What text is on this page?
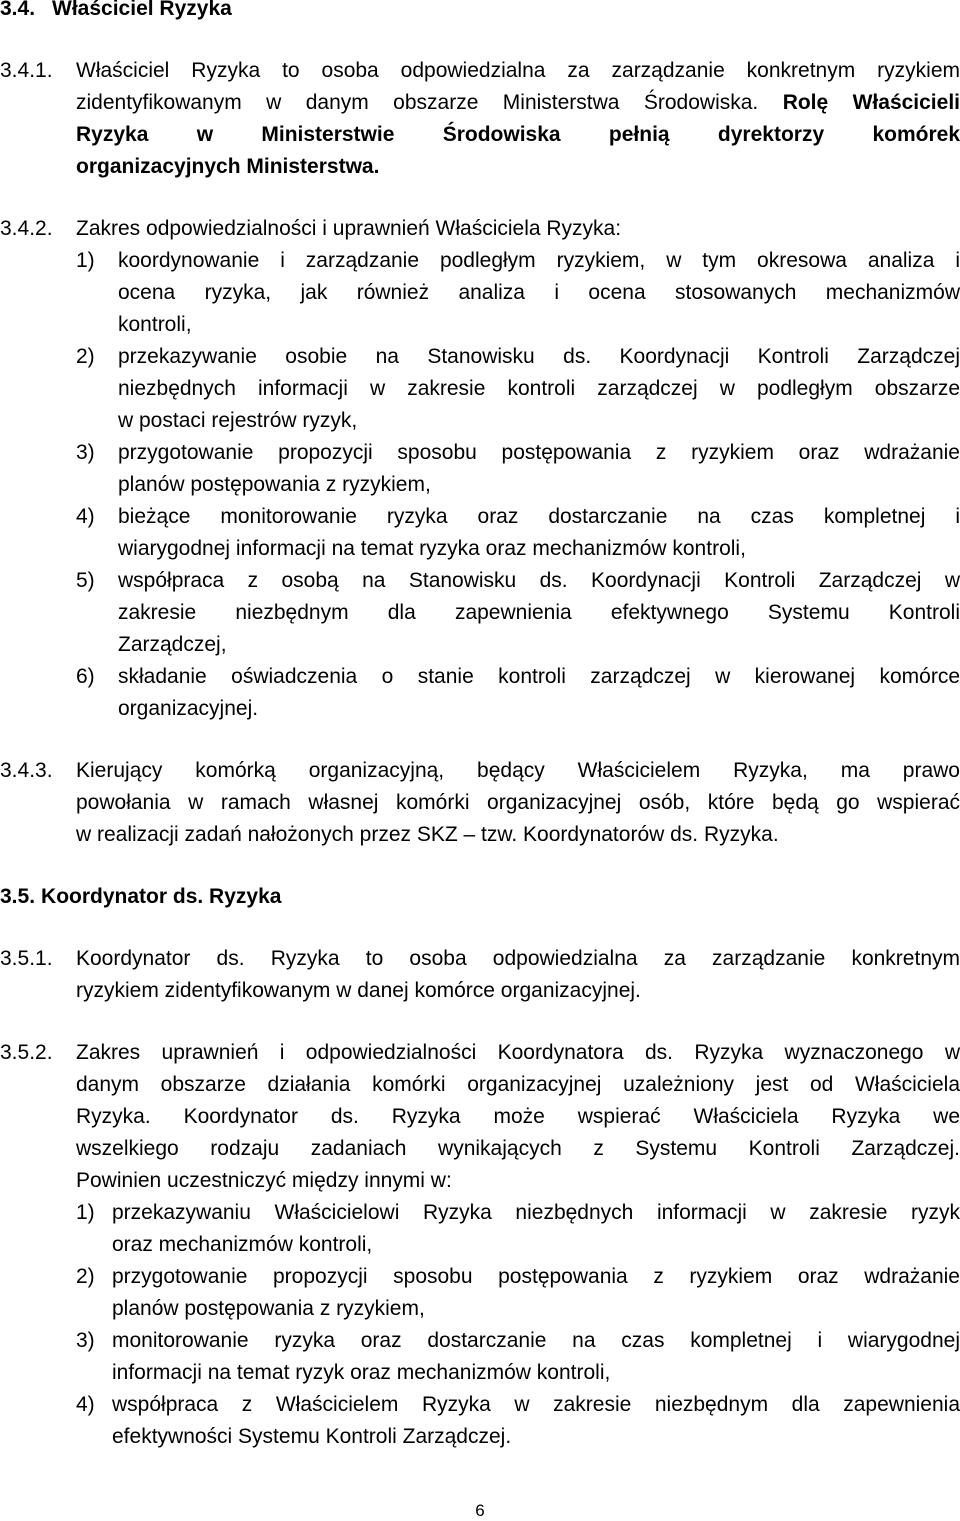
3.4. Właściciel Ryzyka
3.4.1. Właściciel Ryzyka to osoba odpowiedzialna za zarządzanie konkretnym ryzykiem
zidentyfikowanym w danym obszarze Ministerstwa Środowiska. Rolę Właścicieli
Ryzyka w Ministerstwie Środowiska pełnią dyrektorzy komórek
organizacyjnych Ministerstwa.
3.4.2. Zakres odpowiedzialności i uprawnień Właściciela Ryzyka:
1) koordynowanie i zarządzanie podległym ryzykiem, w tym okresowa analiza i
ocena ryzyka, jak również analiza i ocena stosowanych mechanizmów
kontroli,
2) przekazywanie osobie na Stanowisku ds. Koordynacji Kontroli Zarządczej
niezbędnych informacji w zakresie kontroli zarządczej w podległym obszarze
w postaci rejestrów ryzyk,
3) przygotowanie propozycji sposobu postępowania z ryzykiem oraz wdrażanie
planów postępowania z ryzykiem,
4) bieżące monitorowanie ryzyka oraz dostarczanie na czas kompletnej i
wiarygodnej informacji na temat ryzyka oraz mechanizmów kontroli,
5) współpraca z osobą na Stanowisku ds. Koordynacji Kontroli Zarządczej w
zakresie niezbędnym dla zapewnienia efektywnego Systemu Kontroli
Zarządczej,
6) składanie oświadczenia o stanie kontroli zarządczej w kierowanej komórce
organizacyjnej.
3.4.3. Kierujący komórką organizacyjną, będący Właścicielem Ryzyka, ma prawo
powołania w ramach własnej komórki organizacyjnej osób, które będą go wspierać
w realizacji zadań nałożonych przez SKZ – tzw. Koordynatorów ds. Ryzyka.
3.5. Koordynator ds. Ryzyka
3.5.1. Koordynator ds. Ryzyka to osoba odpowiedzialna za zarządzanie konkretnym
ryzykiem zidentyfikowanym w danej komórce organizacyjnej.
3.5.2. Zakres uprawnień i odpowiedzialności Koordynatora ds. Ryzyka wyznaczonego w
danym obszarze działania komórki organizacyjnej uzależniony jest od Właściciela
Ryzyka. Koordynator ds. Ryzyka może wspierać Właściciela Ryzyka we
wszelkiego rodzaju zadaniach wynikających z Systemu Kontroli Zarządczej.
Powinien uczestniczyć między innymi w:
1) przekazywaniu Właścicielowi Ryzyka niezbędnych informacji w zakresie ryzyk
oraz mechanizmów kontroli,
2) przygotowanie propozycji sposobu postępowania z ryzykiem oraz wdrażanie
planów postępowania z ryzykiem,
3) monitorowanie ryzyka oraz dostarczanie na czas kompletnej i wiarygodnej
informacji na temat ryzyk oraz mechanizmów kontroli,
4) współpraca z Właścicielem Ryzyka w zakresie niezbędnym dla zapewnienia
efektywności Systemu Kontroli Zarządczej.
6
